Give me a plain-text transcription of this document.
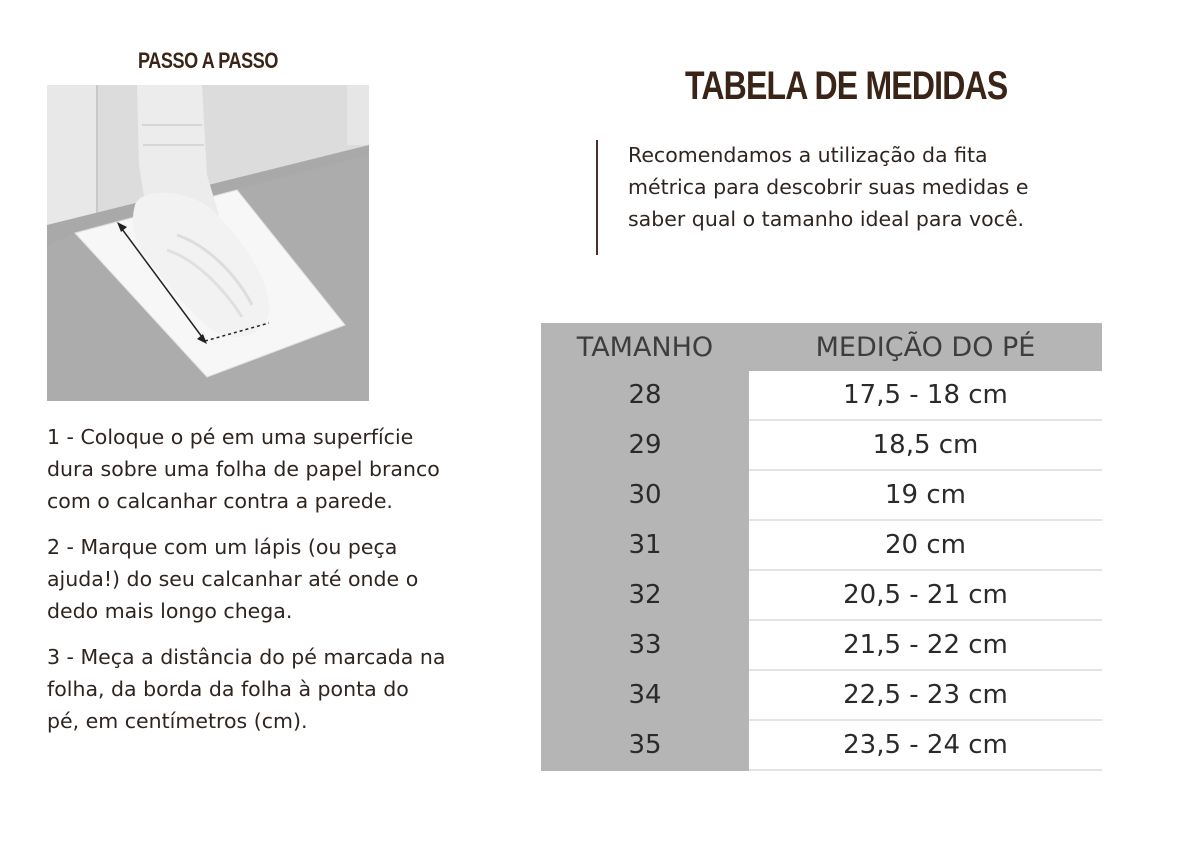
PASSO A PASSO

1 - Coloque o pé em uma superfície dura sobre uma folha de papel branco com o calcanhar contra a parede.

2 - Marque com um lápis (ou peça ajuda!) do seu calcanhar até onde o dedo mais longo chega.

3 - Meça a distância do pé marcada na folha, da borda da folha à ponta do pé, em centímetros (cm).

TABELA DE MEDIDAS
Recomendamos a utilização da fita métrica para descobrir suas medidas e saber qual o tamanho ideal para você.
TAMANHO	MEDIÇÃO DO PÉ
28	17,5 - 18 cm
29	18,5 cm
30	19 cm
31	20 cm
32	20,5 - 21 cm
33	21,5 - 22 cm
34	22,5 - 23 cm
35	23,5 - 24 cm
